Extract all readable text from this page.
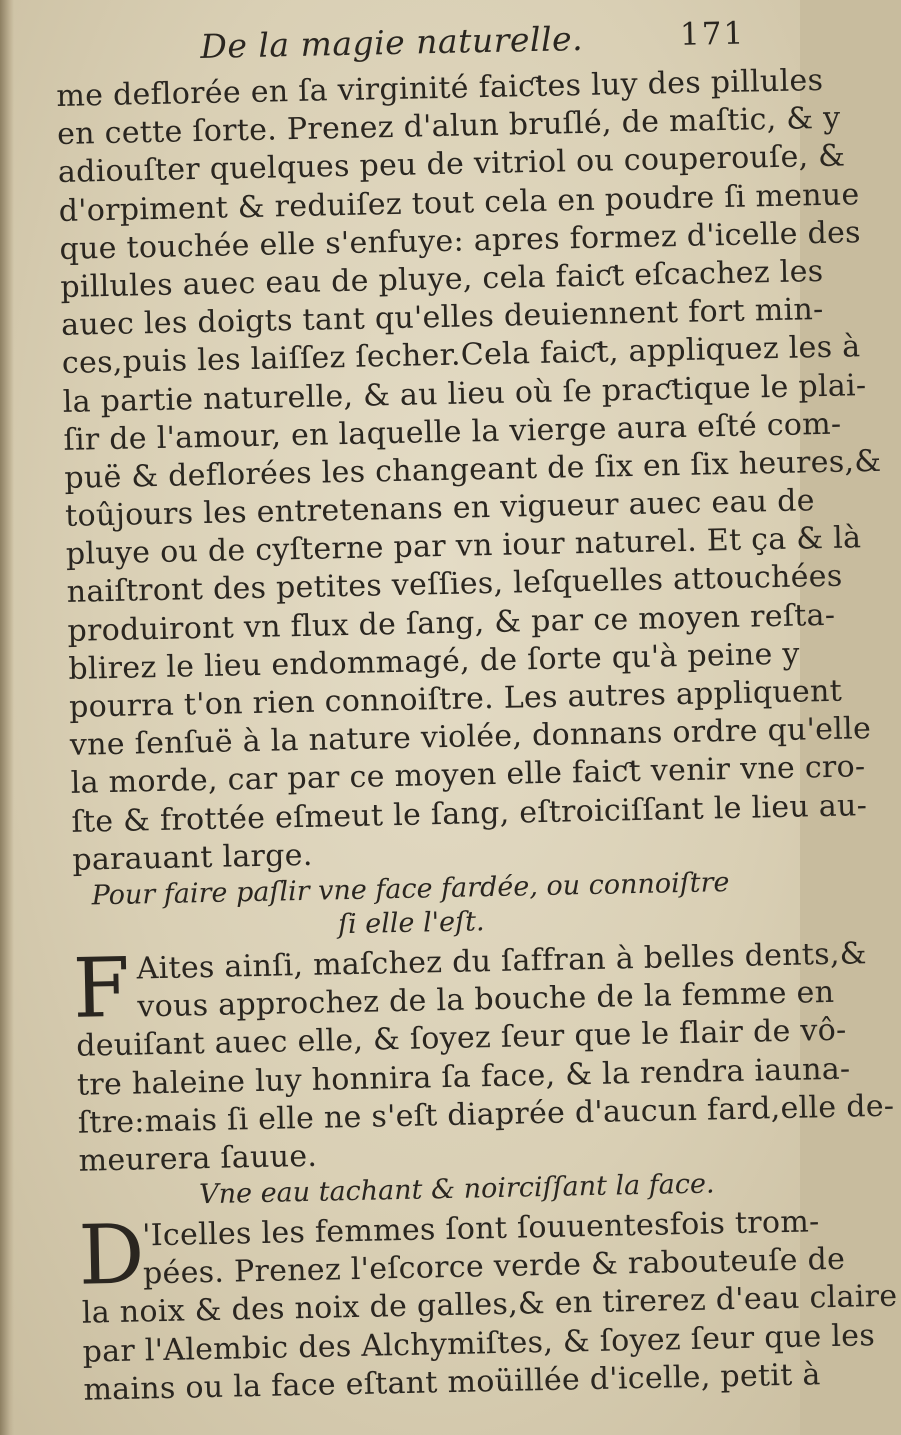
De la magie naturelle.	171
me deflorée en ſa virginité faiƈtes luy des pillules
en cette ſorte. Prenez d'alun bruſlé, de maſtic, & y
adiouſter quelques peu de vitriol ou couperouſe, &
d'orpiment & reduiſez tout cela en poudre ſi menue
que touchée elle s'enfuye: apres formez d'icelle des
pillules auec eau de pluye, cela faiƈt eſcachez les
auec les doigts tant qu'elles deuiennent fort min-
ces,puis les laiſſez ſecher.Cela faiƈt, appliquez les à
la partie naturelle, & au lieu où ſe praƈtique le plai-
ſir de l'amour, en laquelle la vierge aura eſté com-
puë & deflorées les changeant de ſix en ſix heures,&
toûjours les entretenans en vigueur auec eau de
pluye ou de cyſterne par vn iour naturel. Et ça & là
naiſtront des petites veſſies, leſquelles attouchées
produiront vn flux de ſang, & par ce moyen reſta-
blirez le lieu endommagé, de ſorte qu'à peine y
pourra t'on rien connoiſtre. Les autres appliquent
vne ſenſuë à la nature violée, donnans ordre qu'elle
la morde, car par ce moyen elle faiƈt venir vne cro-
ſte & frottée eſmeut le ſang, eſtroiciſſant le lieu au-
parauant large.
Pour faire paſlir vne face fardée, ou connoiſtre
ſi elle l'eſt.
F Aites ainſi, maſchez du ſaffran à belles dents,&
vous approchez de la bouche de la femme en
deuiſant auec elle, & ſoyez ſeur que le flair de vô-
tre haleine luy honnira ſa face, & la rendra iauna-
ſtre:mais ſi elle ne s'eſt diaprée d'aucun fard,elle de-
meurera ſauue.
Vne eau tachant & noirciſſant la face.
D
'Icelles les femmes ſont ſouuentesfois trom-
pées. Prenez l'eſcorce verde & rabouteuſe de
la noix & des noix de galles,& en tirerez d'eau claire
par l'Alembic des Alchymiſtes, & ſoyez ſeur que les
mains ou la face eſtant moüillée d'icelle, petit à
